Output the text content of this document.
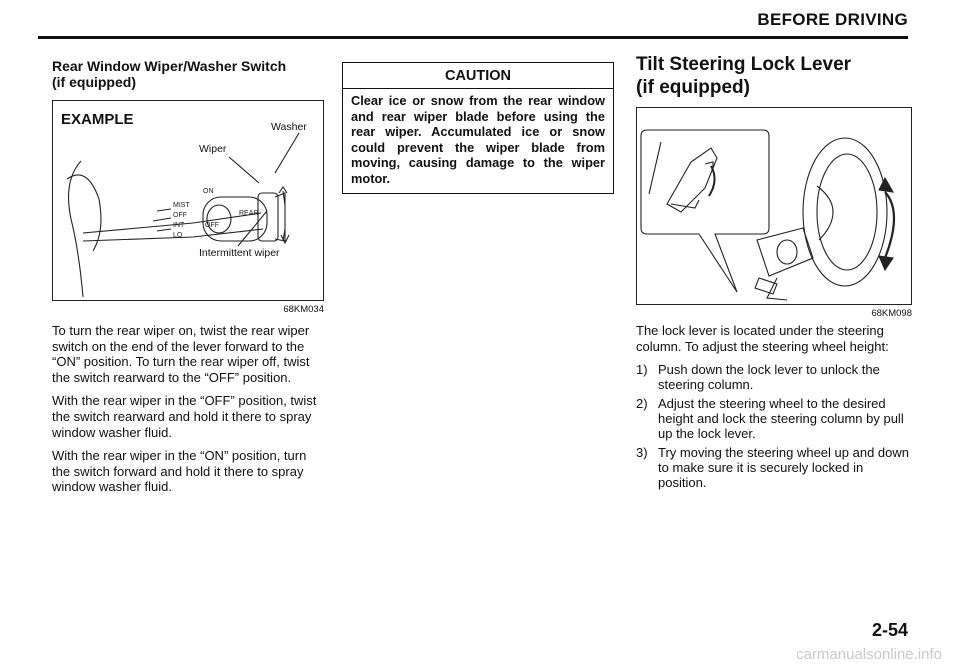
BEFORE DRIVING
Rear Window Wiper/Washer Switch
(if equipped)
EXAMPLE	Washer
Wiper
Intermittent wiper
MIST
OFF
INT
LO
ON
OFF
REAR
68KM034

To turn the rear wiper on, twist the rear wiper switch on the end of the lever forward to the “ON” position. To turn the rear wiper off, twist the switch rearward to the “OFF” position.

With the rear wiper in the “OFF” position, twist the switch rearward and hold it there to spray window washer fluid.

With the rear wiper in the “ON” position, turn the switch forward and hold it there to spray window washer fluid.

CAUTION
Clear ice or snow from the rear window and rear wiper blade before using the rear wiper. Accumulated ice or snow could prevent the wiper blade from moving, causing damage to the wiper motor.
Tilt Steering Lock Lever
(if equipped)
68KM098

The lock lever is located under the steering column. To adjust the steering wheel height:

1) Push down the lock lever to unlock the steering column.
2) Adjust the steering wheel to the desired height and lock the steering column by pull up the lock lever.
3) Try moving the steering wheel up and down to make sure it is securely locked in position.
2-54
carmanualsonline.info
